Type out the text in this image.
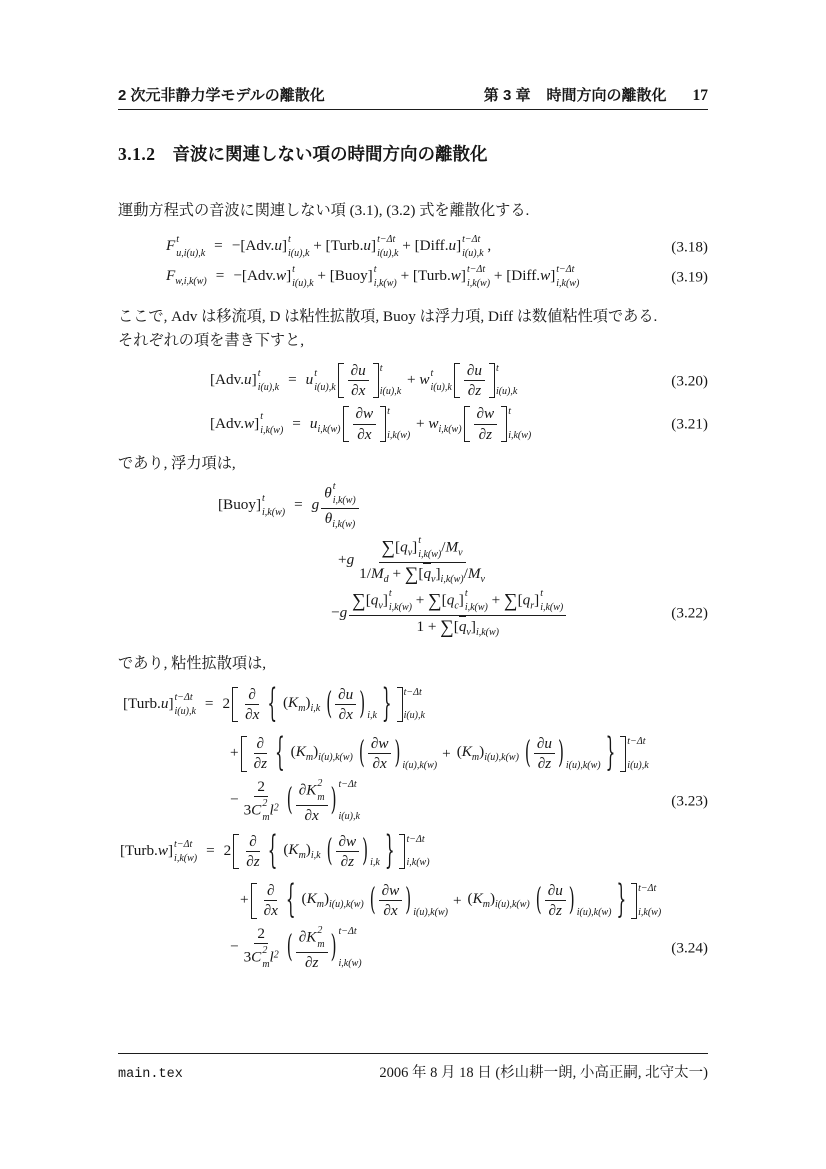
2 次元非静力学モデルの離散化	第 3 章 時間方向の離散化 17
3.1.2 音波に関連しない項の時間方向の離散化
運動方程式の音波に関連しない項 (3.1), (3.2) 式を離散化する.
F t
u,i(u),k = −[Adv.u] t
i(u),k + [Turb.u] t−Δt
i(u),k + [Diff.u] t−Δt
i(u),k ,	(3.18)
$F_{w,i,k(w)} = -[Adv.w]$ t
i(u),k + [Buoy] t
i,k(w) + [Turb.w] t−Δt
i,k(w) + [Diff.w] t−Δt
i,k(w)	(3.19)
ここで, Adv は移流項, D は粘性拡散項, Buoy は浮力項, Diff は数値粘性項である.
それぞれの項を書き下すと,
[Adv.u] t
i(u),k = u t
i(u),k
∂u
∂x
t
i(u),k
+ w t
i(u),k
∂u
∂z
t
i(u),k
(3.20)
[Adv.w] t
$i,k(w) = u_{i,k(w)}$
∂w
∂x
t
i,k(w)
+ $w_{i,k(w)}$
∂w
∂z
t
i,k(w)
(3.21)
であり, 浮力項は,
[Buoy] t
i,k(w) = g
θ t
i,k(w)
$\theta_{i,k(w)}$
+g $\sum[q_v]$ t
i,k(w) $/M_v$
$1/M_d + \sum[q_v]_{i,k(w)}/M_v$
−g $\sum[q_v]$ t
$i,k(w) + \sum[q_c]$ t
$i,k(w) + \sum[q_r]$ t
i,k(w)
$1 + \sum[q_v]_{i,k(w)}$	(3.22)
であり, 粘性拡散項は,
[Turb.u] t−Δt
i(u),k = 2
∂
∂x { $(K_m)_{i,k}$ ( ∂u
∂x ) i,k } t−Δt
i(u),k
+
∂
∂z { $(K_m)_{i(u),k(w)}$ ( ∂w
∂x ) i(u),k(w)
+ $(K_m)_{i(u),k(w)}$ ( ∂u
∂z ) i(u),k(w) } t−Δt
i(u),k
− 2
3C 2
m $l^2$ ( ∂K 2
m
∂x ) t−Δt
i(u),k
(3.23)
[Turb.w] t−Δt
i,k(w) = 2
∂
∂z { $(K_m)_{i,k}$ ( ∂w
∂z ) i,k } t−Δt
i,k(w)
+
∂
∂x { $(K_m)_{i(u),k(w)}$ ( ∂w
∂x ) i(u),k(w)
+ $(K_m)_{i(u),k(w)}$ ( ∂u
∂z ) i(u),k(w) } t−Δt
i,k(w)
− 2
3C 2
m $l^2$ ( ∂K 2
m
∂z ) t−Δt
i,k(w)
(3.24)
main.tex	2006 年 8 月 18 日 (杉山耕一朗, 小高正嗣, 北守太一)
